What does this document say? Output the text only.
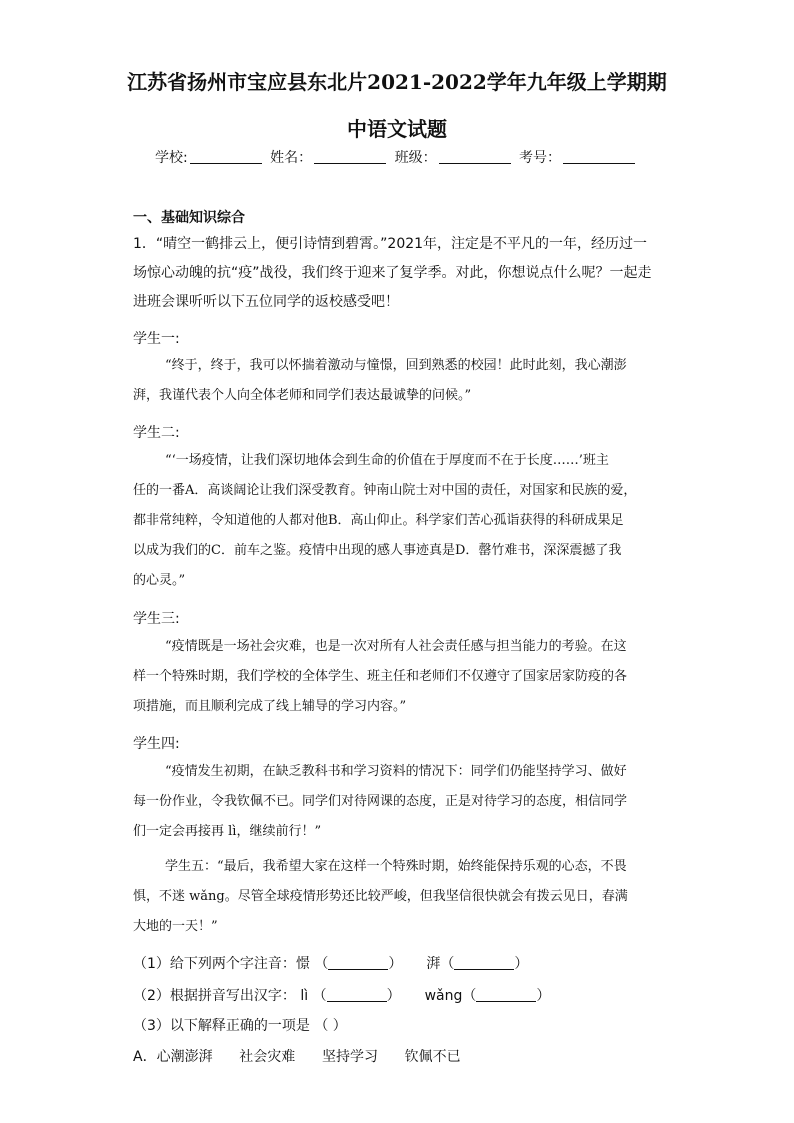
江苏省扬州市宝应县东北片2021-2022学年九年级上学期期
中语文试题
学校:	姓名：	班级：	考号：
一、基础知识综合
1．“晴空一鹤排云上，便引诗情到碧霄。”2021年，注定是不平凡的一年，经历过一
场惊心动魄的抗“疫”战役，我们终于迎来了复学季。对此，你想说点什么呢？一起走
进班会课听听以下五位同学的返校感受吧！
学生一:
“终于，终于，我可以怀揣着激动与憧憬，回到熟悉的校园！此时此刻，我心潮澎
湃，我谨代表个人向全体老师和同学们表达最诚挚的问候。”
学生二:
“‘一场疫情，让我们深切地体会到生命的价值在于厚度而不在于长度……’班主
任的一番A．高谈阔论让我们深受教育。钟南山院士对中国的责任，对国家和民族的爱，
都非常纯粹，令知道他的人都对他B．高山仰止。科学家们苦心孤诣获得的科研成果足
以成为我们的C．前车之鉴。疫情中出现的感人事迹真是D．罄竹难书，深深震撼了我
的心灵。”
学生三:
“疫情既是一场社会灾难，也是一次对所有人社会责任感与担当能力的考验。在这
样一个特殊时期，我们学校的全体学生、班主任和老师们不仅遵守了国家居家防疫的各
项措施，而且顺利完成了线上辅导的学习内容。”
学生四:
“疫情发生初期，在缺乏教科书和学习资料的情况下：同学们仍能坚持学习、做好
每一份作业，令我钦佩不已。同学们对待网课的态度，正是对待学习的态度，相信同学
们一定会再接再 lì，继续前行！”
学生五：“最后，我希望大家在这样一个特殊时期，始终能保持乐观的心态，不畏
惧，不迷 wǎng。尽管全球疫情形势还比较严峻，但我坚信很快就会有拨云见日，春满
大地的一天！”
（1）给下列两个字注音：憬 （	） 湃（	）
（2）根据拼音写出汉字： lì （	） wǎng（	）
（3）以下解释正确的一项是 （ ）
A．心潮澎湃      社会灾难      坚持学习      钦佩不已
